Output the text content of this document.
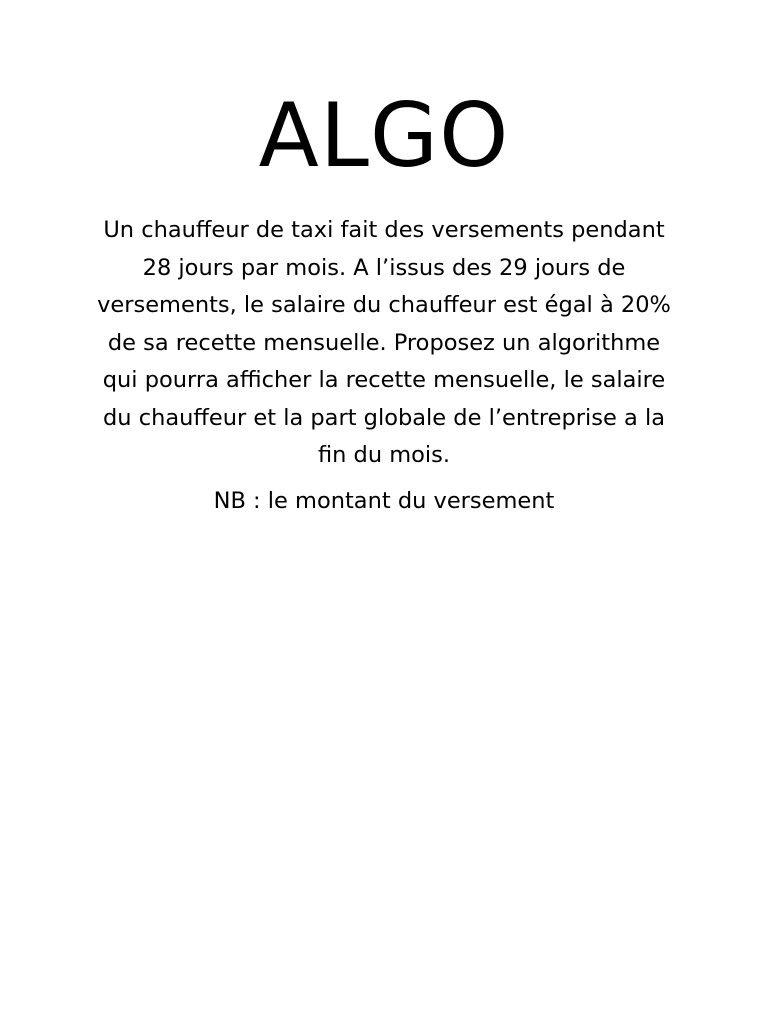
ALGO

Un chauffeur de taxi fait des versements pendant 28 jours par mois. A l’issus des 29 jours de versements, le salaire du chauffeur est égal à 20% de sa recette mensuelle. Proposez un algorithme qui pourra afficher la recette mensuelle, le salaire du chauffeur et la part globale de l’entreprise a la fin du mois.

NB : le montant du versement
